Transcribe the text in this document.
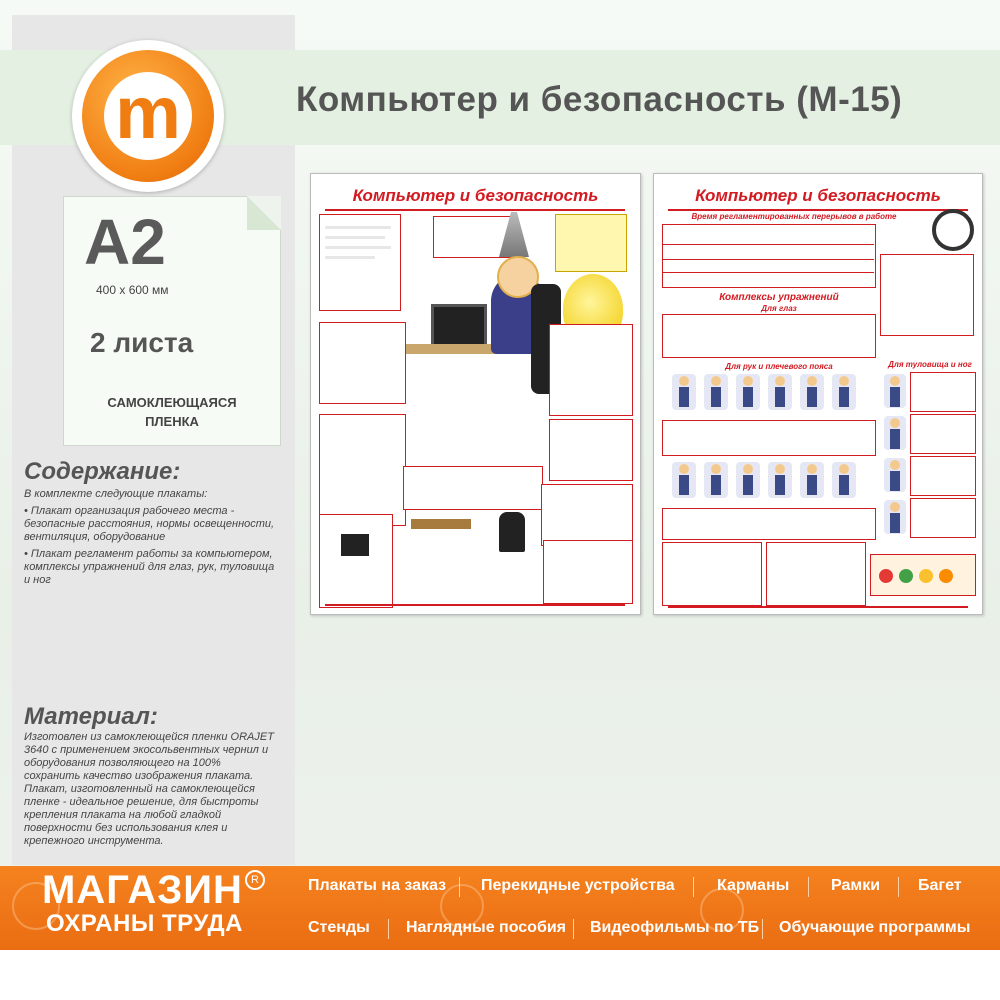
m	Компьютер и безопасность (М-15)
A2
400 x 600 мм
2 листа
САМОКЛЕЮЩАЯСЯ
ПЛЕНКА
Содержание:

В комплекте следующие плакаты:

• Плакат организация рабочего места - безопасные расстояния, нормы освещенности, вентиляция, оборудование

• Плакат регламент работы за компьютером, комплексы упражнений для глаз, рук, туловища и ног

Материал:
Изготовлен из самоклеющейся пленки ORAJET 3640 с применением экосольвентных чернил и оборудования позволяющего на 100% сохранить качество изображения плаката. Плакат, изготовленный на самоклеющейся пленке - идеальное решение, для быстроты крепления плаката на любой гладкой поверхности без использования клея и крепежного инструмента.
Компьютер и безопасность	Компьютер и безопасность
Время регламентированных перерывов в работе
Комплексы упражнений
Для глаз
Для рук и плечевого пояса	Для туловища и ног
МАГАЗИН
ОХРАНЫ ТРУДА
R	Плакаты на заказ Перекидные устройства	Карманы	Рамки Багет
Стенды Наглядные пособия Видеофильмы по ТБ Обучающие программы
